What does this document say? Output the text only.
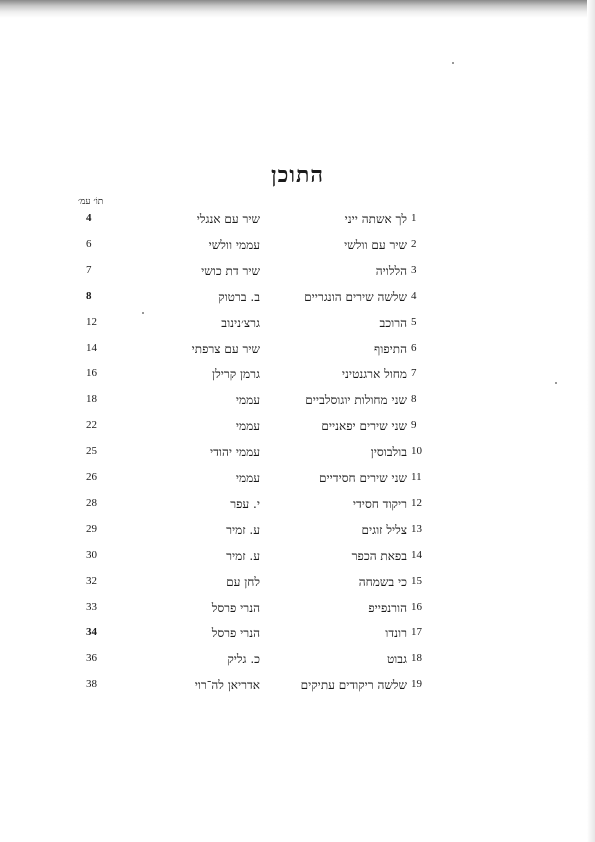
התוכן
תוֹ׳ עמ׳
1
לך אשתה ייני
שיר עם אנגלי
4
2
שיר עם וולשי
עממי וולשי
6
3
הללויה
שיר דת כושי
7
4
שלשה שירים הונגריים
ב. ברטוק
8
5
הרוכב
גרצ׳נינוב
12
6
התיפוף
שיר עם צרפתי
14
7
מחול ארגנטיני
גרמן קרילן
16
8
שני מחולות יוגוסלביים
עממי
18
9
שני שירים יפאניים
עממי
22
10
בולבוסין
עממי יהודי
25
11
שני שירים חסידיים
עממי
26
12
ריקוד חסידי
י. עפר
28
13
צליל זוגים
ע. זמיר
29
14
בפאת הכפר
ע. זמיר
30
15
כי בשמחה
לחן עם
32
16
הורנפייפ
הנרי פרסל
33
17
רונדו
הנרי פרסל
34
18
גבוט
כ. גליק
36
19
שלשה ריקודים עתיקים
אדריאן לה־רוי
38
